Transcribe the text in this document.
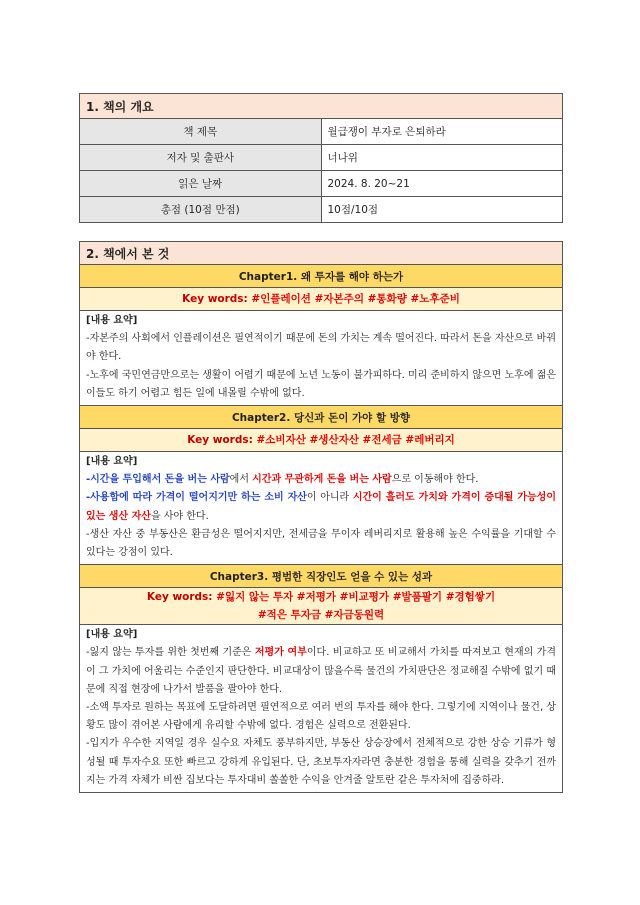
1. 책의 개요	
책 제목	월급쟁이 부자로 은퇴하라
저자 및 출판사	너나위
읽은 날짜	2024. 8. 20~21
총점 (10점 만점)	10점/10점
2. 책에서 본 것
Chapter1. 왜 투자를 해야 하는가
Key words: #인플레이션 #자본주의 #통화량 #노후준비

[내용 요약]
-자본주의 사회에서 인플레이션은 필연적이기 때문에 돈의 가치는 계속 떨어진다. 따라서 돈을 자산으로 바꿔야 한다.
-노후에 국민연금만으로는 생활이 어렵기 때문에 노년 노동이 불가피하다. 미리 준비하지 않으면 노후에 젊은이들도 하기 어렵고 힘든 일에 내몰릴 수밖에 없다.

Chapter2. 당신과 돈이 가야 할 방향
Key words: #소비자산 #생산자산 #전세금 #레버리지

[내용 요약]
-시간을 투입해서 돈을 버는 사람에서 시간과 무관하게 돈을 버는 사람으로 이동해야 한다.
-사용함에 따라 가격이 떨어지기만 하는 소비 자산이 아니라 시간이 흘러도 가치와 가격이 증대될 가능성이 있는 생산 자산을 사야 한다.
-생산 자산 중 부동산은 환금성은 떨어지지만, 전세금을 무이자 레버리지로 활용해 높은 수익률을 기대할 수 있다는 강점이 있다.

Chapter3. 평범한 직장인도 얻을 수 있는 성과
Key words: #잃지 않는 투자 #저평가 #비교평가 #발품팔기 #경험쌓기
#적은 투자금 #자금동원력

[내용 요약]
-잃지 않는 투자를 위한 첫번째 기준은 저평가 여부이다. 비교하고 또 비교해서 가치를 따져보고 현재의 가격이 그 가치에 어울리는 수준인지 판단한다. 비교대상이 많을수록 물건의 가치판단은 정교해질 수밖에 없기 때문에 직접 현장에 나가서 발품을 팔아야 한다.
-소액 투자로 원하는 목표에 도달하려면 필연적으로 여러 번의 투자를 해야 한다. 그렇기에 지역이나 물건, 상황도 많이 겪어본 사람에게 유리할 수밖에 없다. 경험은 실력으로 전환된다.
-입지가 우수한 지역일 경우 실수요 자체도 풍부하지만, 부동산 상승장에서 전체적으로 강한 상승 기류가 형성될 때 투자수요 또한 빠르고 강하게 유입된다. 단, 초보투자자라면 충분한 경험을 통해 실력을 갖추기 전까지는 가격 자체가 비싼 집보다는 투자대비 쏠쏠한 수익을 안겨줄 알토란 같은 투자처에 집중하라.
